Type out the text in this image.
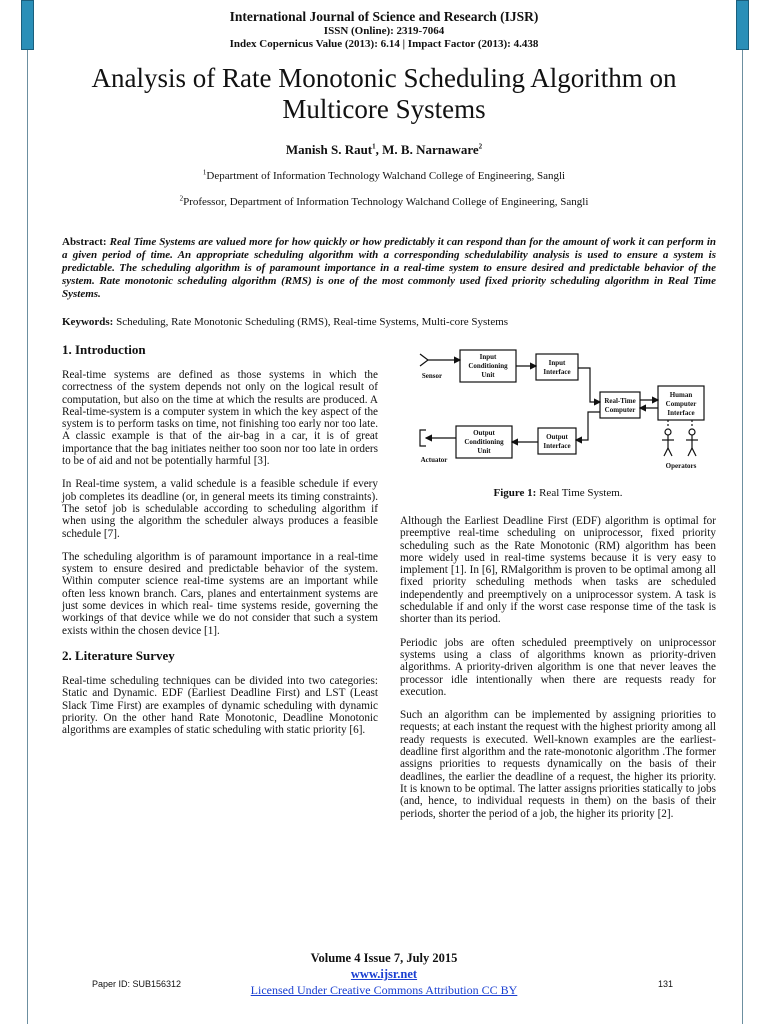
International Journal of Science and Research (IJSR)
ISSN (Online): 2319-7064
Index Copernicus Value (2013): 6.14 | Impact Factor (2013): 4.438
Analysis of Rate Monotonic Scheduling Algorithm on Multicore Systems
Manish S. Raut$^1$, M. B. Narnaware$^2$
$^1$Department of Information Technology Walchand College of Engineering, Sangli
$^2$Professor, Department of Information Technology Walchand College of Engineering, Sangli
Abstract: Real Time Systems are valued more for how quickly or how predictably it can respond than for the amount of work it can perform in a given period of time. An appropriate scheduling algorithm with a corresponding schedulability analysis is used to ensure a system is predictable. The scheduling algorithm is of paramount importance in a real-time system to ensure desired and predictable behavior of the system. Rate monotonic scheduling algorithm (RMS) is one of the most commonly used fixed priority scheduling algorithm in Real Time Systems.
Keywords: Scheduling, Rate Monotonic Scheduling (RMS), Real-time Systems, Multi-core Systems
1. Introduction

Real-time systems are defined as those systems in which the correctness of the system depends not only on the logical result of computation, but also on the time at which the results are produced. A Real-time-system is a computer system in which the key aspect of the system is to perform tasks on time, not finishing too early nor too late. A classic example is that of the air-bag in a car, it is of great importance that the bag initiates neither too soon nor too late in orders to be of aid and not be potentially harmful [3].

In Real-time system, a valid schedule is a feasible schedule if every job completes its deadline (or, in general meets its timing constraints). The setof job is schedulable according to scheduling algorithm if when using the algorithm the scheduler always produces a feasible schedule [7].

The scheduling algorithm is of paramount importance in a real-time system to ensure desired and predictable behavior of the system. Within computer science real-time systems are an important while often less known branch. Cars, planes and entertainment systems are just some devices in which real- time systems reside, governing the workings of that device while we do not consider that such a system exists within the chosen device [1].

2. Literature Survey

Real-time scheduling techniques can be divided into two categories: Static and Dynamic. EDF (Earliest Deadline First) and LST (Least Slack Time First) are examples of dynamic scheduling with dynamic priority. On the other hand Rate Monotonic, Deadline Monotonic algorithms are examples of static scheduling with static priority [6].

Input
Conditioning
Unit
Input
Interface
Real-Time
Computer
Human
Computer
Interface
Output
Conditioning
Unit
Output
Interface
Sensor
Actuator
Operators
Figure 1: Real Time System.

Although the Earliest Deadline First (EDF) algorithm is optimal for preemptive real-time scheduling on uniprocessor, fixed priority scheduling such as the Rate Monotonic (RM) algorithm has been more widely used in real-time systems because it is very easy to implement [1]. In [6], RMalgorithm is proven to be optimal among all fixed priority scheduling methods when tasks are scheduled independently and preemptively on a uniprocessor system. A task is schedulable if and only if the worst case response time of the task is shorter than its period.

Periodic jobs are often scheduled preemptively on uniprocessor systems using a class of algorithms known as priority-driven algorithms. A priority-driven algorithm is one that never leaves the processor idle intentionally when there are requests ready for execution.

Such an algorithm can be implemented by assigning priorities to requests; at each instant the request with the highest priority among all ready requests is executed. Well-known examples are the earliest-deadline first algorithm and the rate-monotonic algorithm .The former assigns priorities to requests dynamically on the basis of their deadlines, the earlier the deadline of a request, the higher its priority. It is known to be optimal. The latter assigns priorities statically to jobs (and, hence, to individual requests in them) on the basis of their periods, shorter the period of a job, the higher its priority [2].

Volume 4 Issue 7, July 2015
www.ijsr.net
Licensed Under Creative Commons Attribution CC BY
Paper ID: SUB156312	131
